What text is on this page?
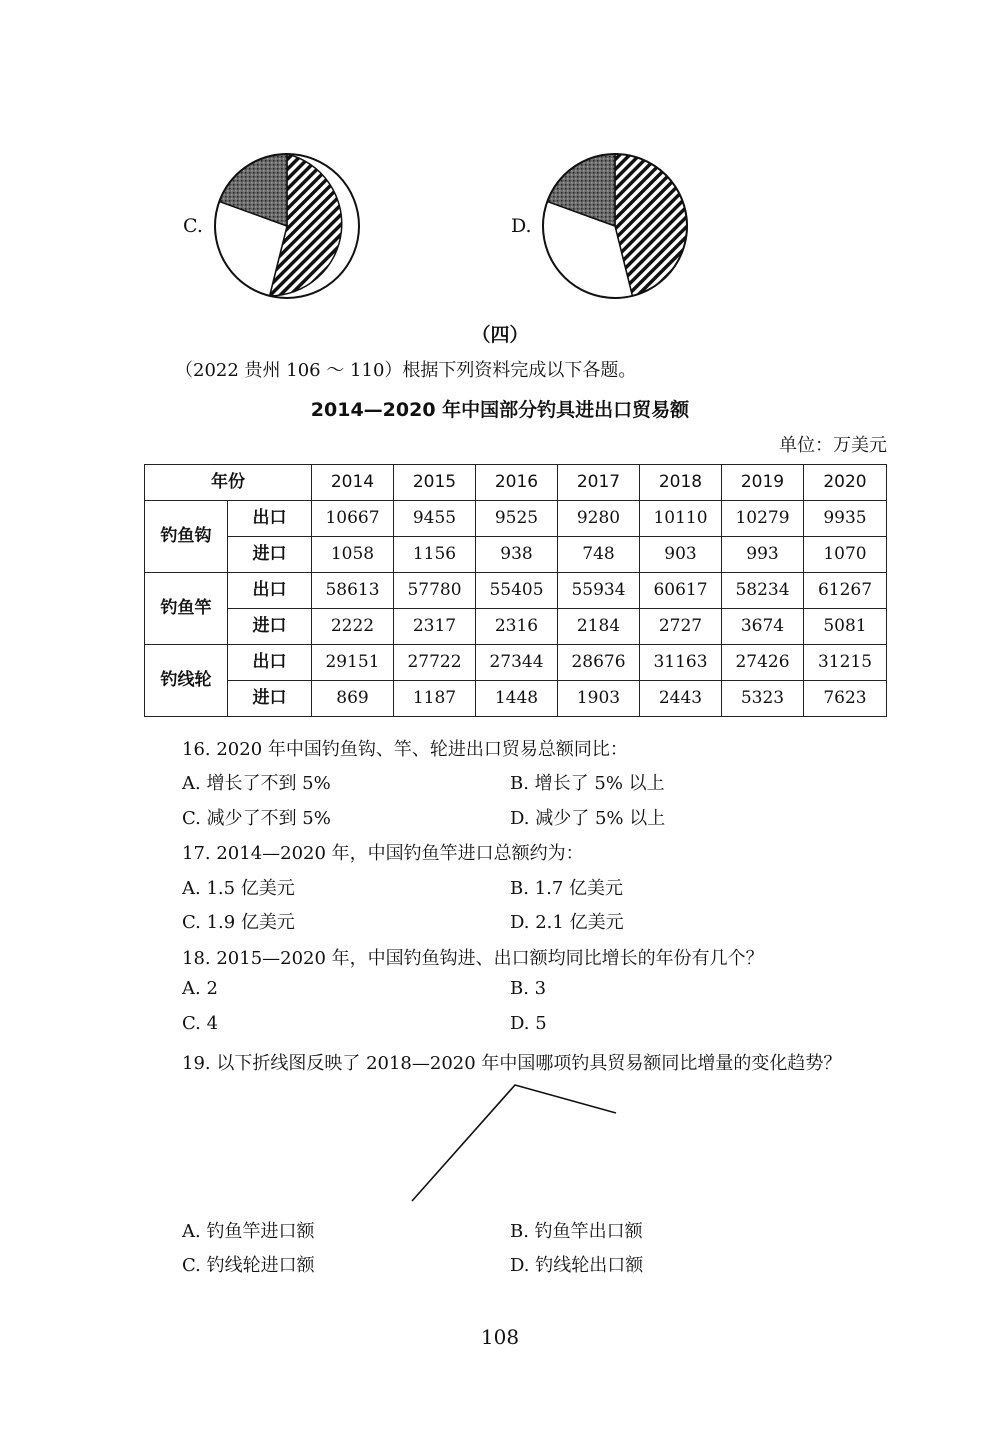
C.	D.
（四）
（2022 贵州 106 ～ 110）根据下列资料完成以下各题。
2014—2020 年中国部分钓具进出口贸易额
单位：万美元
年份		2014	2015	2016	2017	2018	2019	2020
钓鱼钩	出口	10667	9455	9525	9280	10110	10279	9935
	进口	1058	1156	938	748	903	993	1070
钓鱼竿	出口	58613	57780	55405	55934	60617	58234	61267
	进口	2222	2317	2316	2184	2727	3674	5081
钓线轮	出口	29151	27722	27344	28676	31163	27426	31215
	进口	869	1187	1448	1903	2443	5323	7623
16. 2020 年中国钓鱼钩、竿、轮进出口贸易总额同比：
A. 增长了不到 5%	B. 增长了 5% 以上
C. 减少了不到 5%	D. 减少了 5% 以上
17. 2014—2020 年，中国钓鱼竿进口总额约为：
A. 1.5 亿美元	B. 1.7 亿美元
C. 1.9 亿美元	D. 2.1 亿美元
18. 2015—2020 年，中国钓鱼钩进、出口额均同比增长的年份有几个？
A. 2	B. 3
C. 4	D. 5
19. 以下折线图反映了 2018—2020 年中国哪项钓具贸易额同比增量的变化趋势？
A. 钓鱼竿进口额	B. 钓鱼竿出口额
C. 钓线轮进口额	D. 钓线轮出口额
108
